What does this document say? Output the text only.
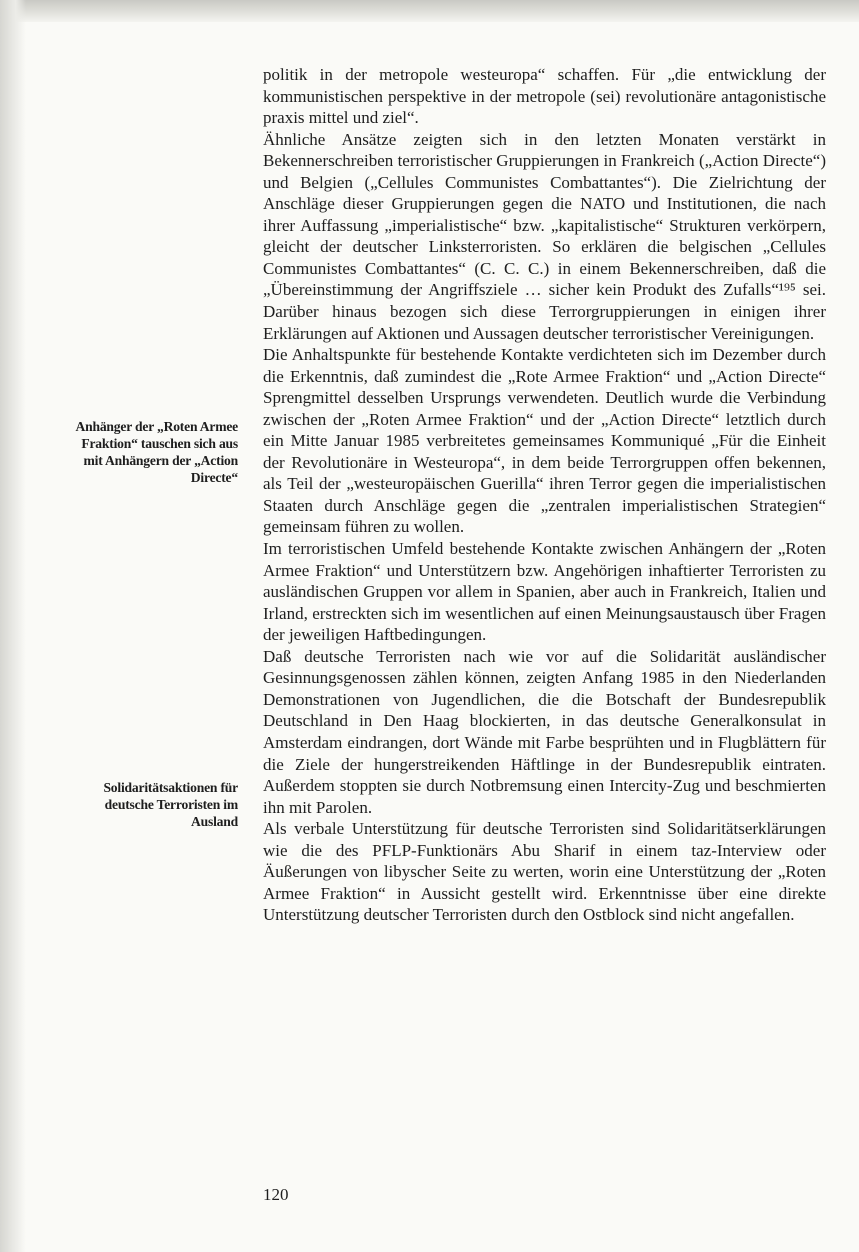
Anhänger der „Roten Armee Fraktion“ tauschen sich aus mit Anhängern der „Action Directe“
Solidaritätsaktionen für deutsche Terroristen im Ausland

politik in der metropole westeuropa“ schaffen. Für „die entwicklung der kommunistischen perspektive in der metropole (sei) revolutionäre antagonistische praxis mittel und ziel“.

Ähnliche Ansätze zeigten sich in den letzten Monaten verstärkt in Bekennerschreiben terroristischer Gruppierungen in Frankreich („Action Directe“) und Belgien („Cellules Communistes Combattantes“). Die Zielrichtung der Anschläge dieser Gruppierungen gegen die NATO und Institutionen, die nach ihrer Auffassung „imperialistische“ bzw. „kapitalistische“ Strukturen verkörpern, gleicht der deutscher Linksterroristen. So erklären die belgischen „Cellules Communistes Combattantes“ (C. C. C.) in einem Bekennerschreiben, daß die „Übereinstimmung der Angriffsziele … sicher kein Produkt des Zufalls“¹⁹⁵ sei. Darüber hinaus bezogen sich diese Terrorgruppierungen in einigen ihrer Erklärungen auf Aktionen und Aussagen deutscher terroristischer Vereinigungen.

Die Anhaltspunkte für bestehende Kontakte verdichteten sich im Dezember durch die Erkenntnis, daß zumindest die „Rote Armee Fraktion“ und „Action Directe“ Sprengmittel desselben Ursprungs verwendeten. Deutlich wurde die Verbindung zwischen der „Roten Armee Fraktion“ und der „Action Directe“ letztlich durch ein Mitte Januar 1985 verbreitetes gemeinsames Kommuniqué „Für die Einheit der Revolutionäre in Westeuropa“, in dem beide Terrorgruppen offen bekennen, als Teil der „westeuropäischen Guerilla“ ihren Terror gegen die imperialistischen Staaten durch Anschläge gegen die „zentralen imperialistischen Strategien“ gemeinsam führen zu wollen.

Im terroristischen Umfeld bestehende Kontakte zwischen Anhängern der „Roten Armee Fraktion“ und Unterstützern bzw. Angehörigen inhaftierter Terroristen zu ausländischen Gruppen vor allem in Spanien, aber auch in Frankreich, Italien und Irland, erstreckten sich im wesentlichen auf einen Meinungsaustausch über Fragen der jeweiligen Haftbedingungen.

Daß deutsche Terroristen nach wie vor auf die Solidarität ausländischer Gesinnungsgenossen zählen können, zeigten Anfang 1985 in den Niederlanden Demonstrationen von Jugendlichen, die die Botschaft der Bundesrepublik Deutschland in Den Haag blockierten, in das deutsche Generalkonsulat in Amsterdam eindrangen, dort Wände mit Farbe besprühten und in Flugblättern für die Ziele der hungerstreikenden Häftlinge in der Bundesrepublik eintraten. Außerdem stoppten sie durch Notbremsung einen Intercity-Zug und beschmierten ihn mit Parolen.

Als verbale Unterstützung für deutsche Terroristen sind Solidaritätserklärungen wie die des PFLP-Funktionärs Abu Sharif in einem taz-Interview oder Äußerungen von libyscher Seite zu werten, worin eine Unterstützung der „Roten Armee Fraktion“ in Aussicht gestellt wird. Erkenntnisse über eine direkte Unterstützung deutscher Terroristen durch den Ostblock sind nicht angefallen.

120
